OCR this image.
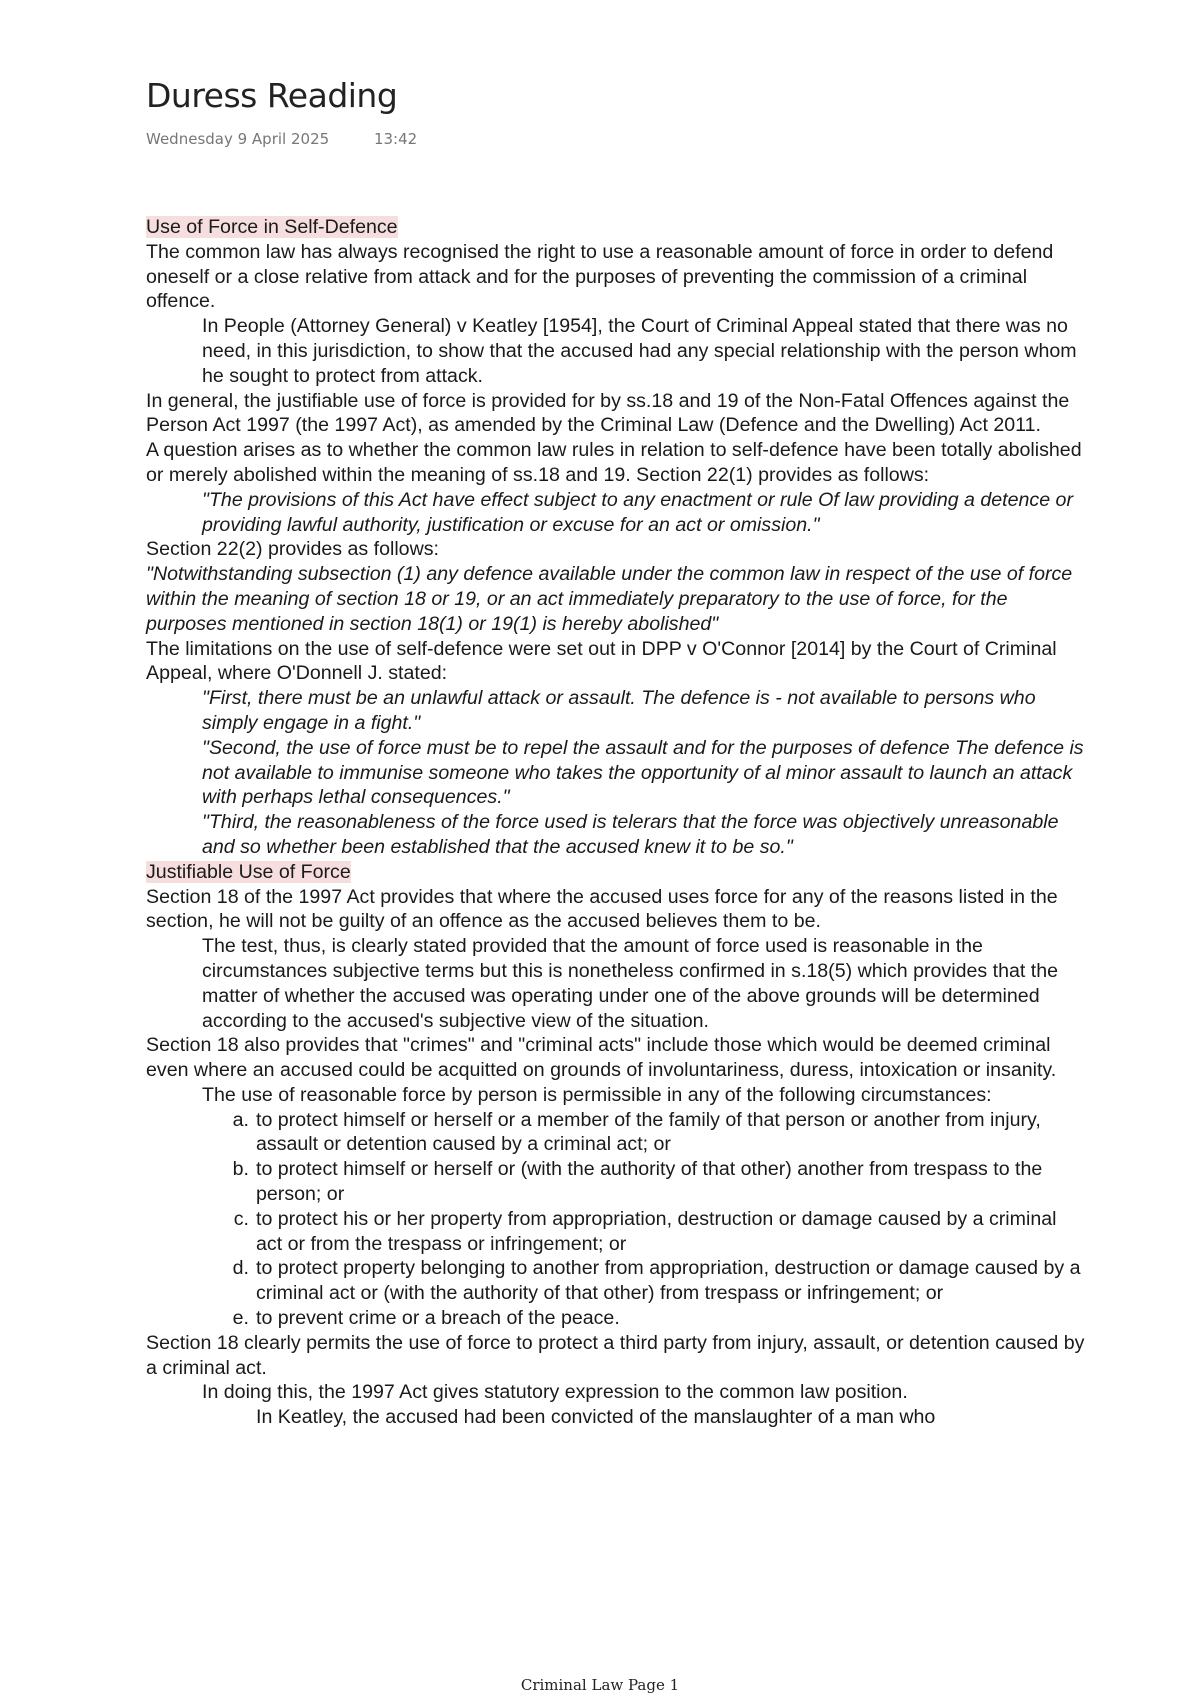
Duress Reading
Wednesday 9 April 2025	13:42

Use of Force in Self-Defence

The common law has always recognised the right to use a reasonable amount of force in order to defend oneself or a close relative from attack and for the purposes of preventing the commission of a criminal offence.

In People (Attorney General) v Keatley [1954], the Court of Criminal Appeal stated that there was no need, in this jurisdiction, to show that the accused had any special relationship with the person whom he sought to protect from attack.

In general, the justifiable use of force is provided for by ss.18 and 19 of the Non-Fatal Offences against the Person Act 1997 (the 1997 Act), as amended by the Criminal Law (Defence and the Dwelling) Act 2011.

A question arises as to whether the common law rules in relation to self-defence have been totally abolished or merely abolished within the meaning of ss.18 and 19. Section 22(1) provides as follows:

"The provisions of this Act have effect subject to any enactment or rule Of law providing a detence or providing lawful authority, justification or excuse for an act or omission."

Section 22(2) provides as follows:

"Notwithstanding subsection (1) any defence available under the common law in respect of the use of force within the meaning of section 18 or 19, or an act immediately preparatory to the use of force, for the purposes mentioned in section 18(1) or 19(1) is hereby abolished"

The limitations on the use of self-defence were set out in DPP v O'Connor [2014] by the Court of Criminal Appeal, where O'Donnell J. stated:

"First, there must be an unlawful attack or assault. The defence is - not available to persons who simply engage in a fight."

"Second, the use of force must be to repel the assault and for the purposes of defence The defence is not available to immunise someone who takes the opportunity of al minor assault to launch an attack with perhaps lethal consequences."

"Third, the reasonableness of the force used is telerars that the force was objectively unreasonable and so whether been established that the accused knew it to be so."

Justifiable Use of Force

Section 18 of the 1997 Act provides that where the accused uses force for any of the reasons listed in the section, he will not be guilty of an offence as the accused believes them to be.

The test, thus, is clearly stated provided that the amount of force used is reasonable in the circumstances subjective terms but this is nonetheless confirmed in s.18(5) which provides that the matter of whether the accused was operating under one of the above grounds will be determined according to the accused's subjective view of the situation.

Section 18 also provides that "crimes" and "criminal acts" include those which would be deemed criminal even where an accused could be acquitted on grounds of involuntariness, duress, intoxication or insanity.

The use of reasonable force by person is permissible in any of the following circumstances:

a. to protect himself or herself or a member of the family of that person or another from injury, assault or detention caused by a criminal act; or
b. to protect himself or herself or (with the authority of that other) another from trespass to the person; or
c. to protect his or her property from appropriation, destruction or damage caused by a criminal act or from the trespass or infringement; or
d. to protect property belonging to another from appropriation, destruction or damage caused by a criminal act or (with the authority of that other) from trespass or infringement; or
e. to prevent crime or a breach of the peace.

Section 18 clearly permits the use of force to protect a third party from injury, assault, or detention caused by a criminal act.

In doing this, the 1997 Act gives statutory expression to the common law position.

In Keatley, the accused had been convicted of the manslaughter of a man who

Criminal Law Page 1
